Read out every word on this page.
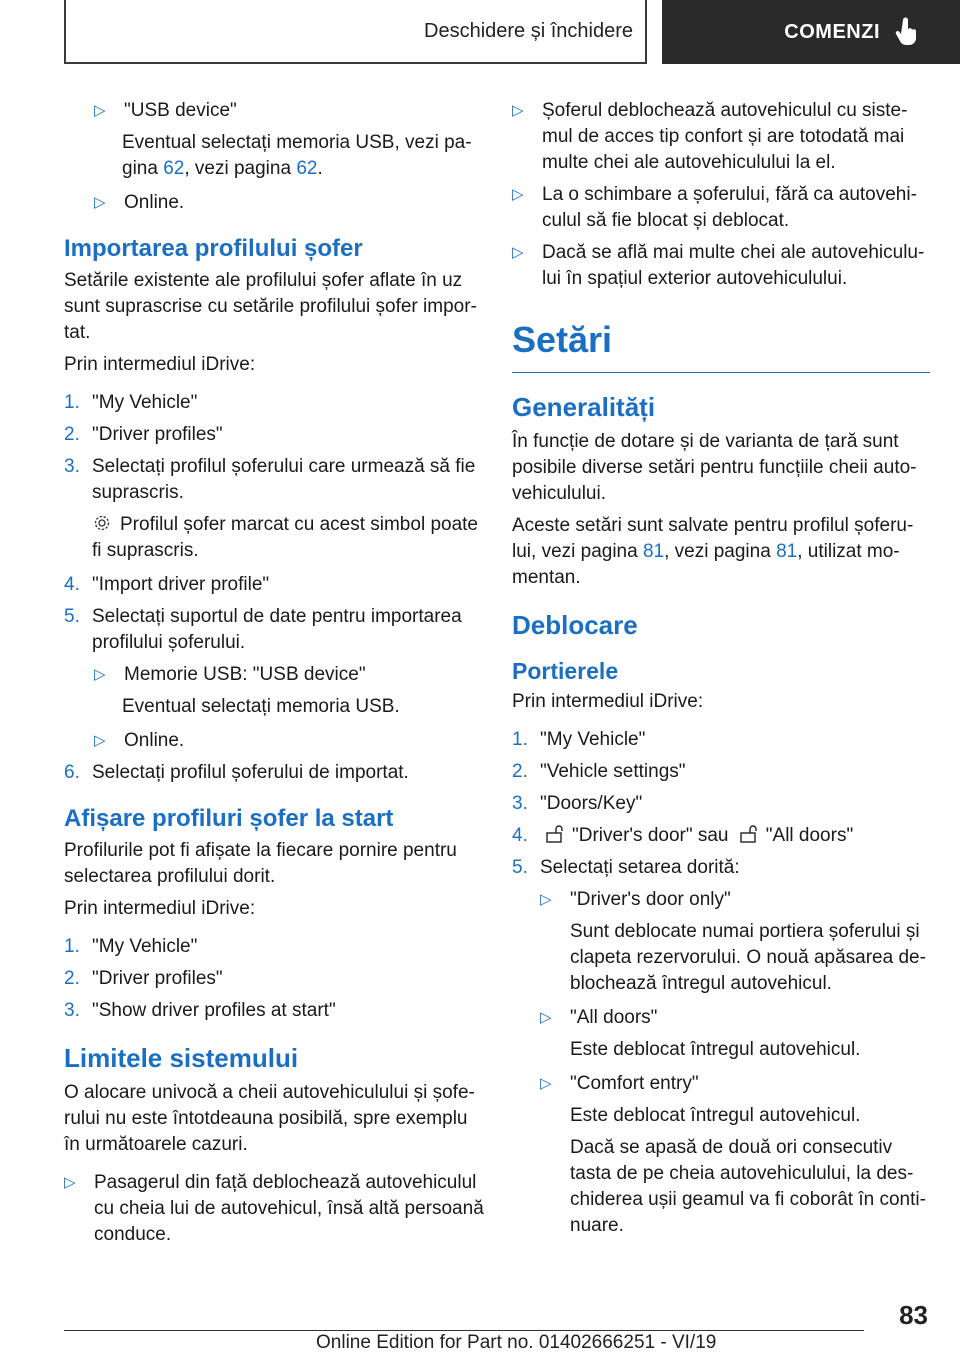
Deschidere și închidere	COMENZI
▷ "USB device"

Eventual selectați memoria USB, vezi pa-gina 62, vezi pagina 62.

▷ Online.
Importarea profilului șofer

Setările existente ale profilului șofer aflate în uz sunt suprascrise cu setările profilului șofer impor-tat.

Prin intermediul iDrive:

1. "My Vehicle"
2. "Driver profiles"
3. Selectați profilul șoferului care urmează să fie suprascris.

Profilul șofer marcat cu acest simbol poate fi suprascris.

4. "Import driver profile"
5. Selectați suportul de date pentru importarea profilului șoferului.
▷ Memorie USB: "USB device"

Eventual selectați memoria USB.

▷ Online.
6. Selectați profilul șoferului de importat.
Afișare profiluri șofer la start

Profilurile pot fi afișate la fiecare pornire pentru selectarea profilului dorit.

Prin intermediul iDrive:

1. "My Vehicle"
2. "Driver profiles"
3. "Show driver profiles at start"
Limitele sistemului

O alocare univocă a cheii autovehiculului și șofe-rului nu este întotdeauna posibilă, spre exemplu în următoarele cazuri.

▷ Pasagerul din față deblochează autovehiculul cu cheia lui de autovehicul, însă altă persoană conduce.
▷ Șoferul deblochează autovehiculul cu siste-mul de acces tip confort și are totodată mai multe chei ale autovehiculului la el.
▷ La o schimbare a șoferului, fără ca autovehi-culul să fie blocat și deblocat.
▷ Dacă se află mai multe chei ale autovehiculu-lui în spațiul exterior autovehiculului.
Setări
Generalități

În funcție de dotare și de varianta de țară sunt posibile diverse setări pentru funcțiile cheii auto-vehiculului.

Aceste setări sunt salvate pentru profilul șoferu-lui, vezi pagina 81, vezi pagina 81, utilizat mo-mentan.

Deblocare
Portierele

Prin intermediul iDrive:

1. "My Vehicle"
2. "Vehicle settings"
3. "Doors/Key"
4.	"Driver's door" sau "All doors"
5. Selectați setarea dorită:
▷ "Driver's door only"

Sunt deblocate numai portiera șoferului și clapeta rezervorului. O nouă apăsarea de-blochează întregul autovehicul.

▷ "All doors"

Este deblocat întregul autovehicul.

▷ "Comfort entry"

Este deblocat întregul autovehicul.

Dacă se apasă de două ori consecutiv tasta de pe cheia autovehiculului, la des-chiderea ușii geamul va fi coborât în conti-nuare.

83
Online Edition for Part no. 01402666251 - VI/19
